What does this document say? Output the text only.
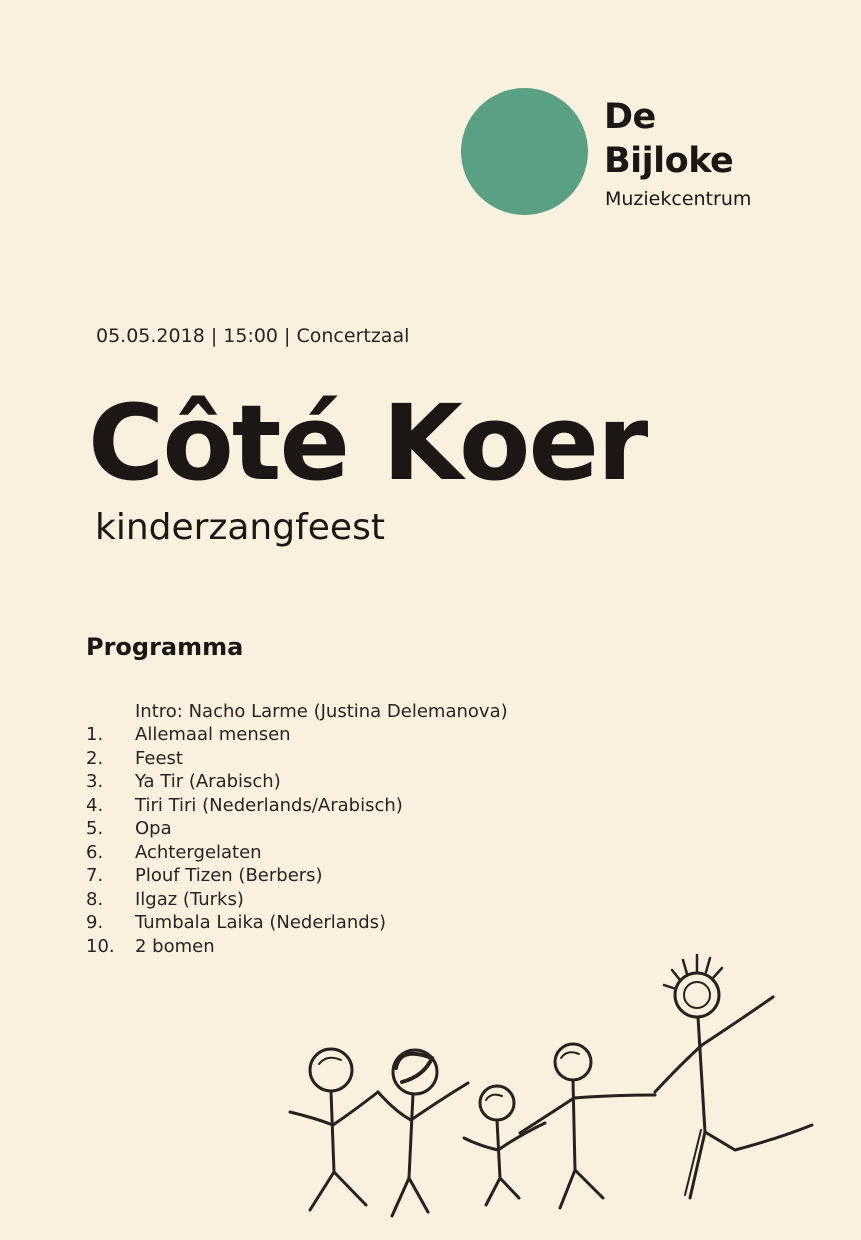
De
Bijloke
Muziekcentrum
05.05.2018 | 15:00 | Concertzaal
Côté Koer
kinderzangfeest
Programma
Intro: Nacho Larme (Justina Delemanova)
1.	Allemaal mensen
2.	Feest
3.	Ya Tir (Arabisch)
4.	Tiri Tiri (Nederlands/Arabisch)
5.	Opa
6.	Achtergelaten
7.	Plouf Tizen (Berbers)
8.	Ilgaz (Turks)
9.	Tumbala Laika (Nederlands)
10.	2 bomen
